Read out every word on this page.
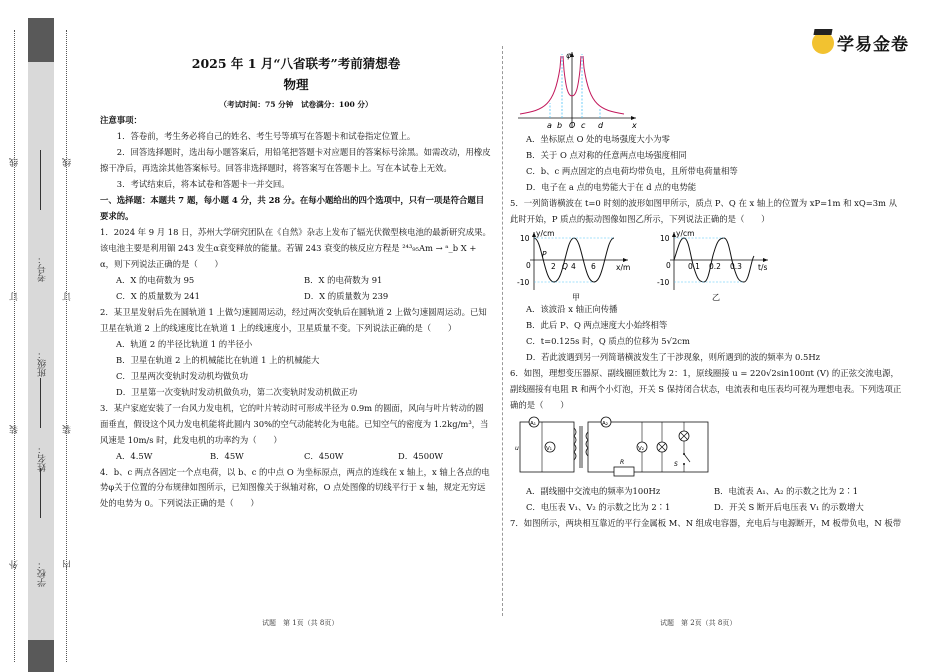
外
装
订
线
内
装
订
线
学校：
姓名：
班级：
考号：
学易金卷
2025 年 1 月“八省联考”考前猜想卷
物理
（考试时间：75 分钟　试卷满分：100 分）
注意事项：
1．答卷前，考生务必将自己的姓名、考生号等填写在答题卡和试卷指定位置上。
2．回答选择题时，选出每小题答案后，用铅笔把答题卡对应题目的答案标号涂黑。如需改动，用橡皮擦干净后，再选涂其他答案标号。回答非选择题时，将答案写在答题卡上。写在本试卷上无效。
3．考试结束后，将本试卷和答题卡一并交回。
一、选择题：本题共 7 题，每小题 4 分，共 28 分。在每小题给出的四个选项中，只有一项是符合题目要求的。
1．2024 年 9 月 18 日，苏州大学研究团队在《自然》杂志上发布了辐光伏微型核电池的最新研究成果。该电池主要是利用镅 243 发生α衰变释放的能量。若镅 243 衰变的核反应方程是 ²⁴³₉₅Am → ᵃ_b X + α，则下列说法正确的是（　　）
A．X 的电荷数为 95	B．X 的电荷数为 91
C．X 的质量数为 241	D．X 的质量数为 239
2．某卫星发射后先在圆轨道 1 上做匀速圆周运动，经过两次变轨后在圆轨道 2 上做匀速圆周运动。已知卫星在轨道 2 上的线速度比在轨道 1 上的线速度小，卫星质量不变。下列说法正确的是（　　）
A．轨道 2 的半径比轨道 1 的半径小
B．卫星在轨道 2 上的机械能比在轨道 1 上的机械能大
C．卫星两次变轨时发动机均做负功
D．卫星第一次变轨时发动机做负功，第二次变轨时发动机做正功
3．某户家庭安装了一台风力发电机，它的叶片转动时可形成半径为 0.9m 的圆面，风向与叶片转动的圆面垂直，假设这个风力发电机能将此圆内 30%的空气动能转化为电能。已知空气的密度为 1.2kg/m³，当风速是 10m/s 时，此发电机的功率约为（　　）
A．4.5W	B．45W	C．450W	D．4500W
4．b、c 两点各固定一个点电荷，以 b、c 的中点 O 为坐标原点，两点的连线在 x 轴上，x 轴上各点的电势φ关于位置的分布规律如图所示，已知图像关于纵轴对称，O 点处图像的切线平行于 x 轴，规定无穷远处的电势为 0。下列说法正确的是（　　）
φ
x
a b O c d
A．坐标原点 O 处的电场强度大小为零
B．关于 O 点对称的任意两点电场强度相同
C．b、c 两点固定的点电荷均带负电，且所带电荷量相等
D．电子在 a 点的电势能大于在 d 点的电势能
5．一列简谐横波在 t=0 时刻的波形如图甲所示，质点 P、Q 在 x 轴上的位置为 xP=1m 和 xQ=3m 从此时开始，P 质点的振动图像如图乙所示，下列说法正确的是（　　）
y/cm
x/m
10
-10
0	2 4 6
P
Q
甲
y/cm
t/s
10
-10
0 0.1 0.2 0.3
乙
A．该波沿 x 轴正向传播
B．此后 P、Q 两点速度大小始终相等
C．t=0.125s 时，Q 质点的位移为 5√2cm
D．若此波遇到另一列简谐横波发生了干涉现象，则所遇到的波的频率为 0.5Hz
6．如图，理想变压器原、副线圈匝数比为 2：1，原线圈接 u = 220√2sin100πt (V) 的正弦交流电源，副线圈接有电阻 R 和两个小灯泡，开关 S 保持闭合状态，电流表和电压表均可视为理想电表。下列选项正确的是（　　）
A₁
V₁
u
A₂
R
V₂
S
A．副线圈中交流电的频率为100Hz	B．电流表 A₁、A₂ 的示数之比为 2∶1
C．电压表 V₁、V₂ 的示数之比为 2∶1	D．开关 S 断开后电压表 V₁ 的示数增大
7．如图所示，两块相互靠近的平行金属板 M、N 组成电容器，充电后与电源断开，M 板带负电，N 板带
试题　第 1页（共 8页）	试题　第 2页（共 8页）
